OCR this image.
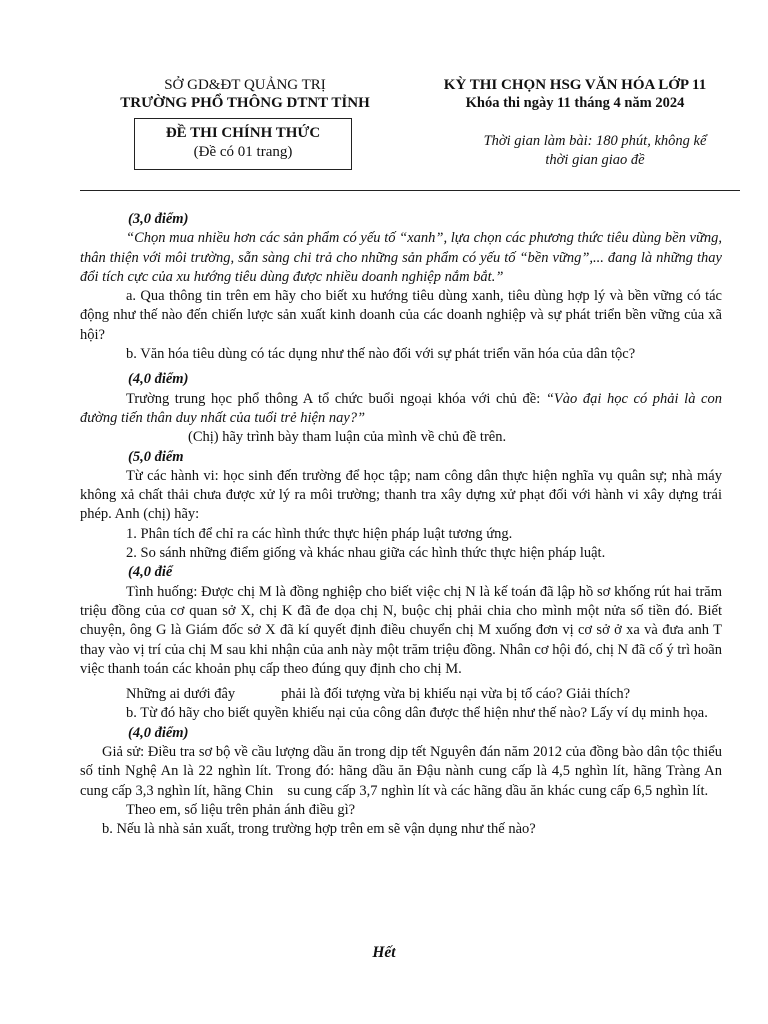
SỞ GD&ĐT QUẢNG TRỊ
TRƯỜNG PHỔ THÔNG DTNT TỈNH
ĐỀ THI CHÍNH THỨC
(Đề có 01 trang)
KỲ THI CHỌN HSG VĂN HÓA LỚP 11
Khóa thi ngày 11 tháng 4 năm 2024
Thời gian làm bài: 180 phút, không kể
thời gian giao đề

(3,0 điểm)

“Chọn mua nhiều hơn các sản phẩm có yếu tố “xanh”, lựa chọn các phương thức tiêu dùng bền vững, thân thiện với môi trường, sẵn sàng chi trả cho những sản phẩm có yếu tố “bền vững”,... đang là những thay đổi tích cực của xu hướng tiêu dùng được nhiều doanh nghiệp nắm bắt.”

a. Qua thông tin trên em hãy cho biết xu hướng tiêu dùng xanh, tiêu dùng hợp lý và bền vững có tác động như thế nào đến chiến lược sản xuất kinh doanh của các doanh nghiệp và sự phát triển bền vững của xã hội?

b. Văn hóa tiêu dùng có tác dụng như thế nào đối với sự phát triển văn hóa của dân tộc?

(4,0 điểm)

Trường trung học phổ thông A tổ chức buổi ngoại khóa với chủ đề: “Vào đại học có phải là con đường tiến thân duy nhất của tuổi trẻ hiện nay?”

(Chị) hãy trình bày tham luận của mình về chủ đề trên.

(5,0 điểm

Từ các hành vi: học sinh đến trường để học tập; nam công dân thực hiện nghĩa vụ quân sự; nhà máy không xả chất thải chưa được xử lý ra môi trường; thanh tra xây dựng xử phạt đối với hành vi xây dựng trái phép. Anh (chị) hãy:

1. Phân tích để chỉ ra các hình thức thực hiện pháp luật tương ứng.

2. So sánh những điểm giống và khác nhau giữa các hình thức thực hiện pháp luật.

(4,0 điể

Tình huống: Được chị M là đồng nghiệp cho biết việc chị N là kế toán đã lập hồ sơ khống rút hai trăm triệu đồng của cơ quan sở X, chị K đã đe dọa chị N, buộc chị phải chia cho mình một nửa số tiền đó. Biết chuyện, ông G là Giám đốc sở X đã kí quyết định điều chuyển chị M xuống đơn vị cơ sở ở xa và đưa anh T thay vào vị trí của chị M sau khi nhận của anh này một trăm triệu đồng. Nhân cơ hội đó, chị N đã cố ý trì hoãn việc thanh toán các khoản phụ cấp theo đúng quy định cho chị M.

Những ai dưới đây	phải là đối tượng vừa bị khiếu nại vừa bị tố cáo? Giải thích?

b. Từ đó hãy cho biết quyền khiếu nại của công dân được thể hiện như thế nào? Lấy ví dụ minh họa.

(4,0 điểm)

Giả sử: Điều tra sơ bộ về cầu lượng dầu ăn trong dịp tết Nguyên đán năm 2012 của đồng bào dân tộc thiểu số tỉnh Nghệ An là 22 nghìn lít. Trong đó: hãng dầu ăn Đậu nành cung cấp là 4,5 nghìn lít, hãng Tràng An cung cấp 3,3 nghìn lít, hãng Chin su cung cấp 3,7 nghìn lít và các hãng dầu ăn khác cung cấp 6,5 nghìn lít.

Theo em, số liệu trên phản ánh điều gì?

b. Nếu là nhà sản xuất, trong trường hợp trên em sẽ vận dụng như thế nào?

Hết
